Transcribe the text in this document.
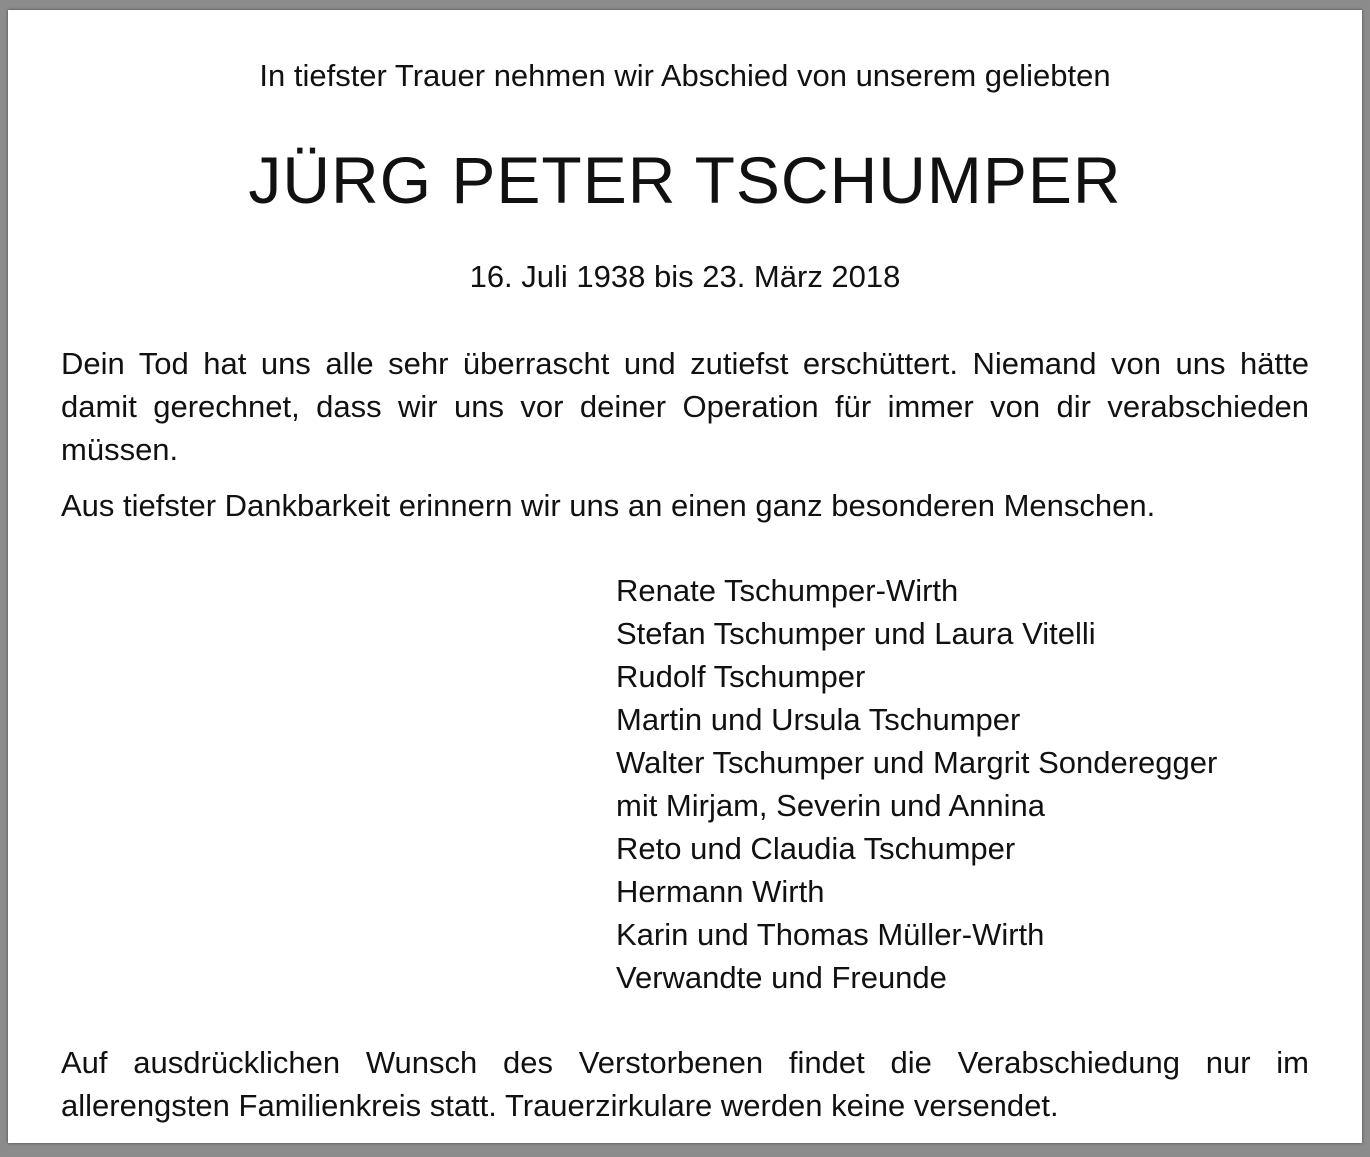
In tiefster Trauer nehmen wir Abschied von unserem geliebten
JÜRG PETER TSCHUMPER
16. Juli 1938 bis 23. März 2018
Dein Tod hat uns alle sehr überrascht und zutiefst erschüttert. Niemand von uns hätte damit gerechnet, dass wir uns vor deiner Operation für immer von dir verabschieden müssen.
Aus tiefster Dankbarkeit erinnern wir uns an einen ganz besonderen Menschen.
Renate Tschumper-Wirth
Stefan Tschumper und Laura Vitelli
Rudolf Tschumper
Martin und Ursula Tschumper
Walter Tschumper und Margrit Sonderegger
mit Mirjam, Severin und Annina
Reto und Claudia Tschumper
Hermann Wirth
Karin und Thomas Müller-Wirth
Verwandte und Freunde
Auf ausdrücklichen Wunsch des Verstorbenen findet die Verabschiedung nur im allerengsten Familienkreis statt. Trauerzirkulare werden keine versendet.
